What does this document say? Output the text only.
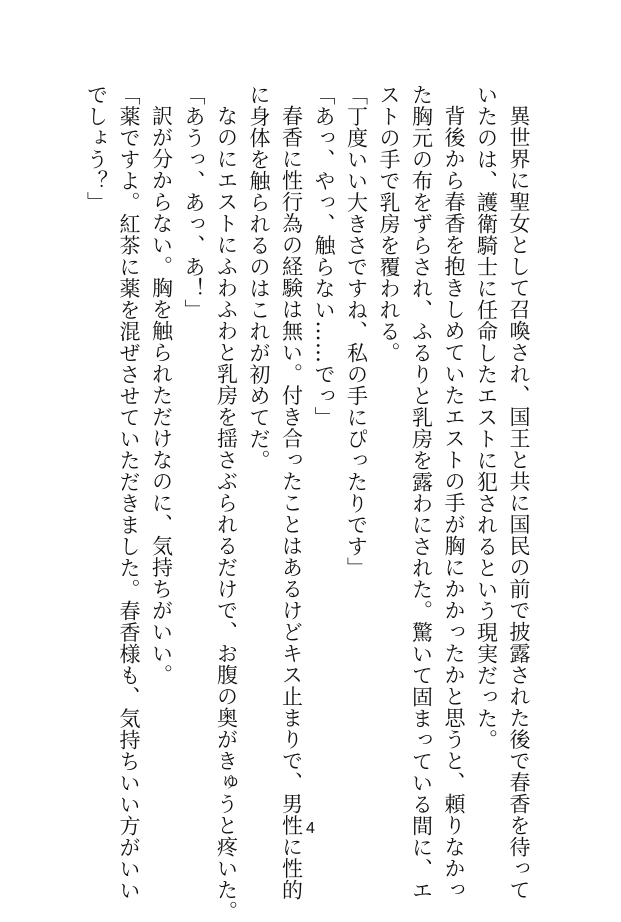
異世界に聖女として召喚され、国王と共に国民の前で披露された後で春香を待って
いたのは、護衛騎士に任命したエストに犯されるという現実だった。
背後から春香を抱きしめていたエストの手が胸にかかったかと思うと、頼りなかっ
た胸元の布をずらされ、ふるりと乳房を露わにされた。驚いて固まっている間に、エ
ストの手で乳房を覆われる。
「丁度いい大きさですね、私の手にぴったりです」
「あっ、やっ、触らない……でっ」
春香に性行為の経験は無い。付き合ったことはあるけどキス止まりで、男性に性的
に身体を触られるのはこれが初めてだ。
なのにエストにふわふわと乳房を揺さぶられるだけで、お腹の奥がきゅうと疼いた。
「あうっ、あっ、あ！」
訳が分からない。胸を触られただけなのに、気持ちがいい。
「薬ですよ。紅茶に薬を混ぜさせていただきました。春香様も、気持ちいい方がいい
でしょう？」
4
